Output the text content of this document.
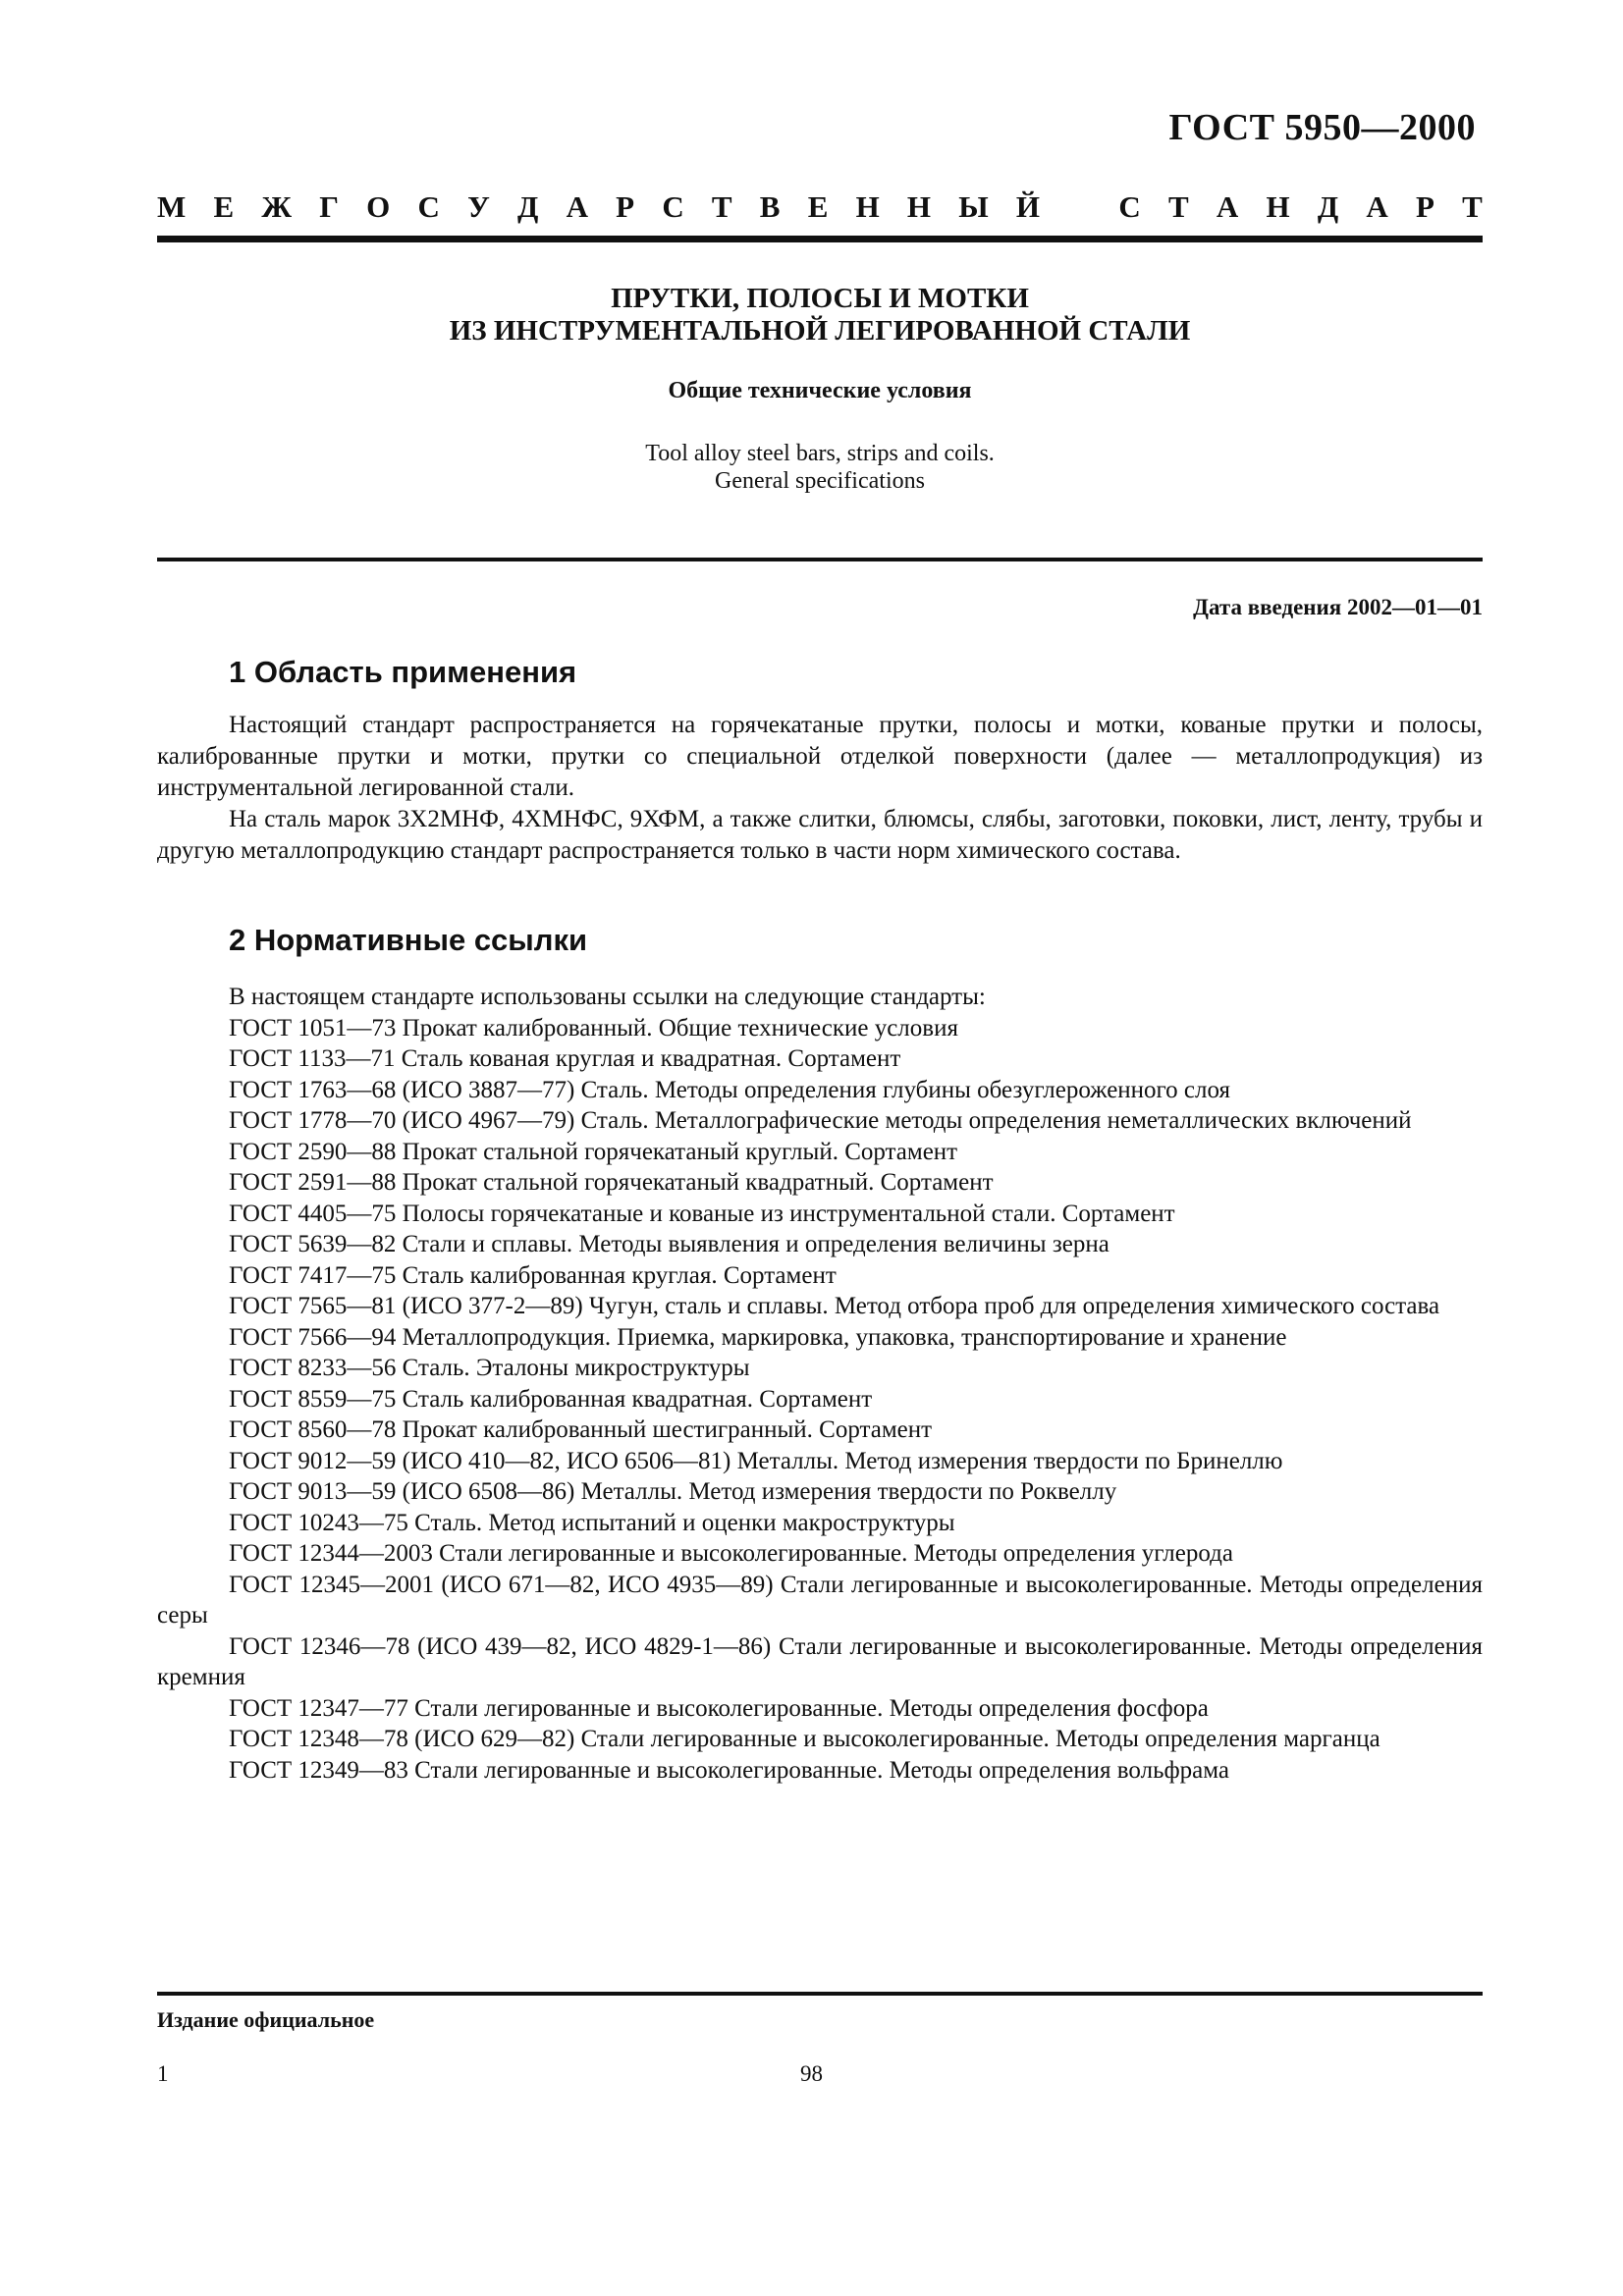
ГОСТ 5950—2000
М Е Ж Г О С У Д А Р С Т В Е Н Н Ы Й	С Т А Н Д А Р Т
ПРУТКИ, ПОЛОСЫ И МОТКИ
ИЗ ИНСТРУМЕНТАЛЬНОЙ ЛЕГИРОВАННОЙ СТАЛИ
Общие технические условия
Tool alloy steel bars, strips and coils.
General specifications
Дата введения 2002—01—01
1 Область применения
Настоящий стандарт распространяется на горячекатаные прутки, полосы и мотки, кованые прутки и полосы, калиброванные прутки и мотки, прутки со специальной отделкой поверхности (далее — металлопродукция) из инструментальной легированной стали.
На сталь марок 3Х2МНФ, 4ХМНФС, 9ХФМ, а также слитки, блюмсы, слябы, заготовки, поковки, лист, ленту, трубы и другую металлопродукцию стандарт распространяется только в части норм химического состава.
2 Нормативные ссылки

В настоящем стандарте использованы ссылки на следующие стандарты:

ГОСТ 1051—73 Прокат калиброванный. Общие технические условия

ГОСТ 1133—71 Сталь кованая круглая и квадратная. Сортамент

ГОСТ 1763—68 (ИСО 3887—77) Сталь. Методы определения глубины обезуглероженного слоя

ГОСТ 1778—70 (ИСО 4967—79) Сталь. Металлографические методы определения неметаллических включений

ГОСТ 2590—88 Прокат стальной горячекатаный круглый. Сортамент

ГОСТ 2591—88 Прокат стальной горячекатаный квадратный. Сортамент

ГОСТ 4405—75 Полосы горячекатаные и кованые из инструментальной стали. Сортамент

ГОСТ 5639—82 Стали и сплавы. Методы выявления и определения величины зерна

ГОСТ 7417—75 Сталь калиброванная круглая. Сортамент

ГОСТ 7565—81 (ИСО 377-2—89) Чугун, сталь и сплавы. Метод отбора проб для определения химического состава

ГОСТ 7566—94 Металлопродукция. Приемка, маркировка, упаковка, транспортирование и хранение

ГОСТ 8233—56 Сталь. Эталоны микроструктуры

ГОСТ 8559—75 Сталь калиброванная квадратная. Сортамент

ГОСТ 8560—78 Прокат калиброванный шестигранный. Сортамент

ГОСТ 9012—59 (ИСО 410—82, ИСО 6506—81) Металлы. Метод измерения твердости по Бринеллю

ГОСТ 9013—59 (ИСО 6508—86) Металлы. Метод измерения твердости по Роквеллу

ГОСТ 10243—75 Сталь. Метод испытаний и оценки макроструктуры

ГОСТ 12344—2003 Стали легированные и высоколегированные. Методы определения углерода

ГОСТ 12345—2001 (ИСО 671—82, ИСО 4935—89) Стали легированные и высоколегированные. Методы определения серы

ГОСТ 12346—78 (ИСО 439—82, ИСО 4829-1—86) Стали легированные и высоколегированные. Методы определения кремния

ГОСТ 12347—77 Стали легированные и высоколегированные. Методы определения фосфора

ГОСТ 12348—78 (ИСО 629—82) Стали легированные и высоколегированные. Методы определения марганца

ГОСТ 12349—83 Стали легированные и высоколегированные. Методы определения вольфрама

Издание официальное
1	98
